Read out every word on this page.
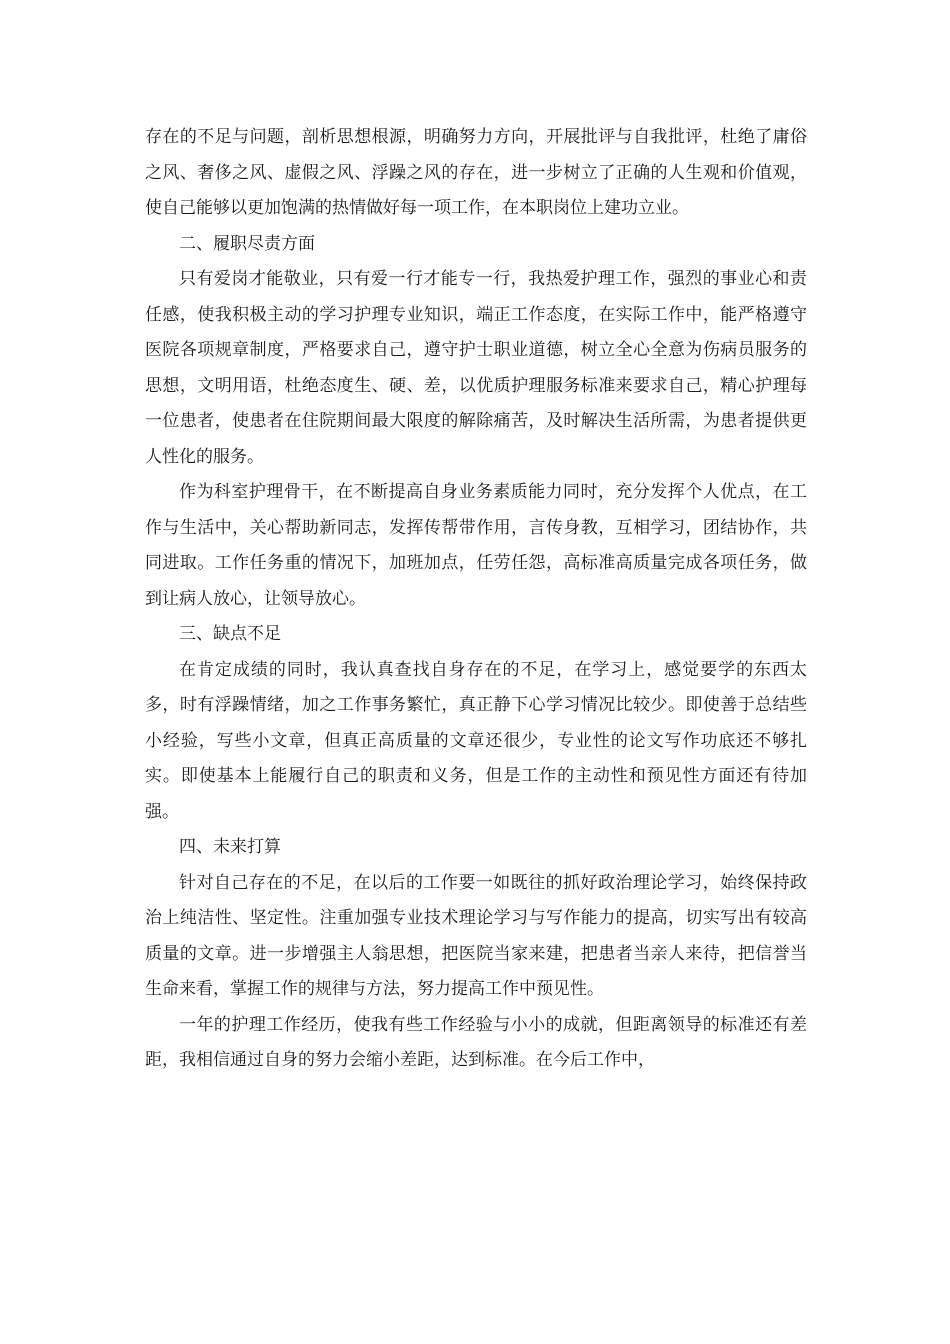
存在的不足与问题，剖析思想根源，明确努力方向，开展批评与自我批评，杜绝了庸俗之风、奢侈之风、虚假之风、浮躁之风的存在，进一步树立了正确的人生观和价值观，使自己能够以更加饱满的热情做好每一项工作，在本职岗位上建功立业。

二、履职尽责方面

只有爱岗才能敬业，只有爱一行才能专一行，我热爱护理工作，强烈的事业心和责任感，使我积极主动的学习护理专业知识，端正工作态度，在实际工作中，能严格遵守医院各项规章制度，严格要求自己，遵守护士职业道德，树立全心全意为伤病员服务的思想，文明用语，杜绝态度生、硬、差，以优质护理服务标准来要求自己，精心护理每一位患者，使患者在住院期间最大限度的解除痛苦，及时解决生活所需，为患者提供更人性化的服务。

作为科室护理骨干，在不断提高自身业务素质能力同时，充分发挥个人优点，在工作与生活中，关心帮助新同志，发挥传帮带作用，言传身教，互相学习，团结协作，共同进取。工作任务重的情况下，加班加点，任劳任怨，高标准高质量完成各项任务，做到让病人放心，让领导放心。

三、缺点不足

在肯定成绩的同时，我认真查找自身存在的不足，在学习上，感觉要学的东西太多，时有浮躁情绪，加之工作事务繁忙，真正静下心学习情况比较少。即使善于总结些小经验，写些小文章，但真正高质量的文章还很少，专业性的论文写作功底还不够扎实。即使基本上能履行自己的职责和义务，但是工作的主动性和预见性方面还有待加强。

四、未来打算

针对自己存在的不足，在以后的工作要一如既往的抓好政治理论学习，始终保持政治上纯洁性、坚定性。注重加强专业技术理论学习与写作能力的提高，切实写出有较高质量的文章。进一步增强主人翁思想，把医院当家来建，把患者当亲人来待，把信誉当生命来看，掌握工作的规律与方法，努力提高工作中预见性。

一年的护理工作经历，使我有些工作经验与小小的成就，但距离领导的标准还有差距，我相信通过自身的努力会缩小差距，达到标准。在今后工作中，
